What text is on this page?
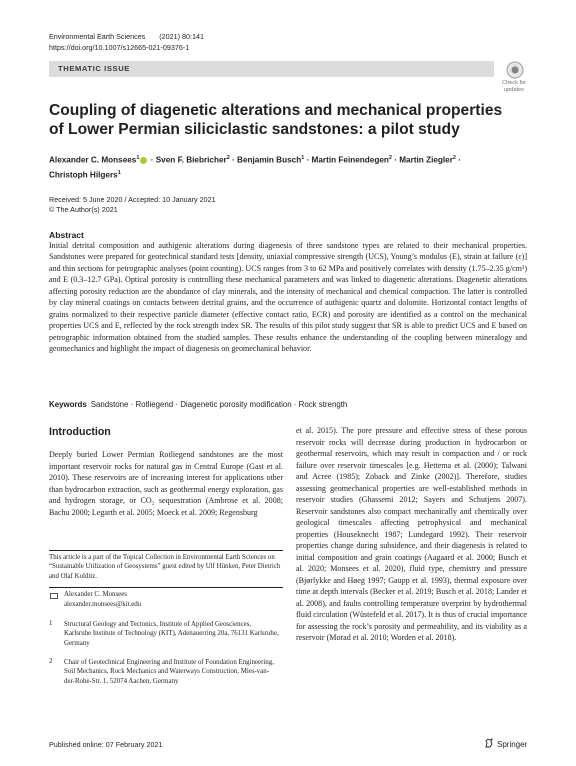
Environmental Earth Sciences (2021) 80:141
https://doi.org/10.1007/s12665-021-09376-1
THEMATIC ISSUE
Check for updates
Coupling of diagenetic alterations and mechanical properties of Lower Permian siliciclastic sandstones: a pilot study
Alexander C. Monsees$^1$ · Sven F. Biebricher$^2$ · Benjamin Busch$^1$ · Martin Feinendegen$^2$ · Martin Ziegler$^2$ ·
Christoph Hilgers$^1$
Received: 5 June 2020 / Accepted: 10 January 2021
© The Author(s) 2021
Abstract

Initial detrital composition and authigenic alterations during diagenesis of three sandstone types are related to their mechanical properties. Sandstones were prepared for geotechnical standard tests [density, uniaxial compressive strength (UCS), Young’s modulus (E), strain at failure (ε)] and thin sections for petrographic analyses (point counting). UCS ranges from 3 to 62 MPa and positively correlates with density (1.75–2.35 g/cm³) and E (0.3–12.7 GPa). Optical porosity is controlling these mechanical parameters and was linked to diagenetic alterations. Diagenetic alterations affecting porosity reduction are the abundance of clay minerals, and the intensity of mechanical and chemical compaction. The latter is controlled by clay mineral coatings on contacts between detrital grains, and the occurrence of authigenic quartz and dolomite. Horizontal contact lengths of grains normalized to their respective particle diameter (effective contact ratio, ECR) and porosity are identified as a control on the mechanical properties UCS and E, reflected by the rock strength index SR. The results of this pilot study suggest that SR is able to predict UCS and E based on petrographic information obtained from the studied samples. These results enhance the understanding of the coupling between mineralogy and geomechanics and highlight the impact of diagenesis on geomechanical behavior.

Keywords Sandstone · Rotliegend · Diagenetic porosity modification · Rock strength
Introduction

Deeply buried Lower Permian Rotliegend sandstones are the most important reservoir rocks for natural gas in Central Europe (Gast et al. 2010). These reservoirs are of increasing interest for applications other than hydrocarbon extraction, such as geothermal energy exploration, gas and hydrogen storage, or CO₂ sequestration (Ambrose et al. 2008; Bachu 2000; Legarth et al. 2005; Moeck et al. 2009; Regensburg

et al. 2015). The pore pressure and effective stress of these porous reservoir rocks will decrease during production in hydrocarbon or geothermal reservoirs, which may result in compaction and / or rock failure over reservoir timescales [e.g. Hettema et al. (2000); Talwani and Acree (1985); Zoback and Zinke (2002)]. Therefore, studies assessing geomechanical properties are well-established methods in reservoir studies (Ghassemi 2012; Sayers and Schutjens 2007). Reservoir sandstones also compact mechanically and chemically over geological timescales affecting petrophysical and mechanical properties (Houseknecht 1987; Lundegard 1992). Their reservoir properties change during subsidence, and their diagenesis is related to initial composition and grain coatings (Aagaard et al. 2000; Busch et al. 2020; Monsees et al. 2020), fluid type, chemistry and pressure (Bjørlykke and Høeg 1997; Gaupp et al. 1993), thermal exposure over time at depth intervals (Becker et al. 2019; Busch et al. 2018; Lander et al. 2008), and faults controlling temperature overprint by hydrothermal fluid circulation (Wüstefeld et al. 2017). It is thus of crucial importance for assessing the rock’s porosity and permeability, and its viability as a reservoir (Morad et al. 2010; Worden et al. 2018).

This article is a part of the Topical Collection in Environmental Earth Sciences on “Sustainable Utilization of Geosystems” guest edited by Ulf Hünken, Peter Dietrich and Olaf Kolditz.
Alexander C. Monsees
alexander.monsees@kit.edu
1 Structural Geology and Tectonics, Institute of Applied Geosciences, Karlsruhe Institute of Technology (KIT), Adenauerring 20a, 76131 Karlsruhe, Germany
2 Chair of Geotechnical Engineering and Institute of Foundation Engineering, Soil Mechanics, Rock Mechanics and Waterways Construction, Mies-van-der-Rohe-Str. 1, 52074 Aachen, Germany
Published online: 07 February 2021	Springer
